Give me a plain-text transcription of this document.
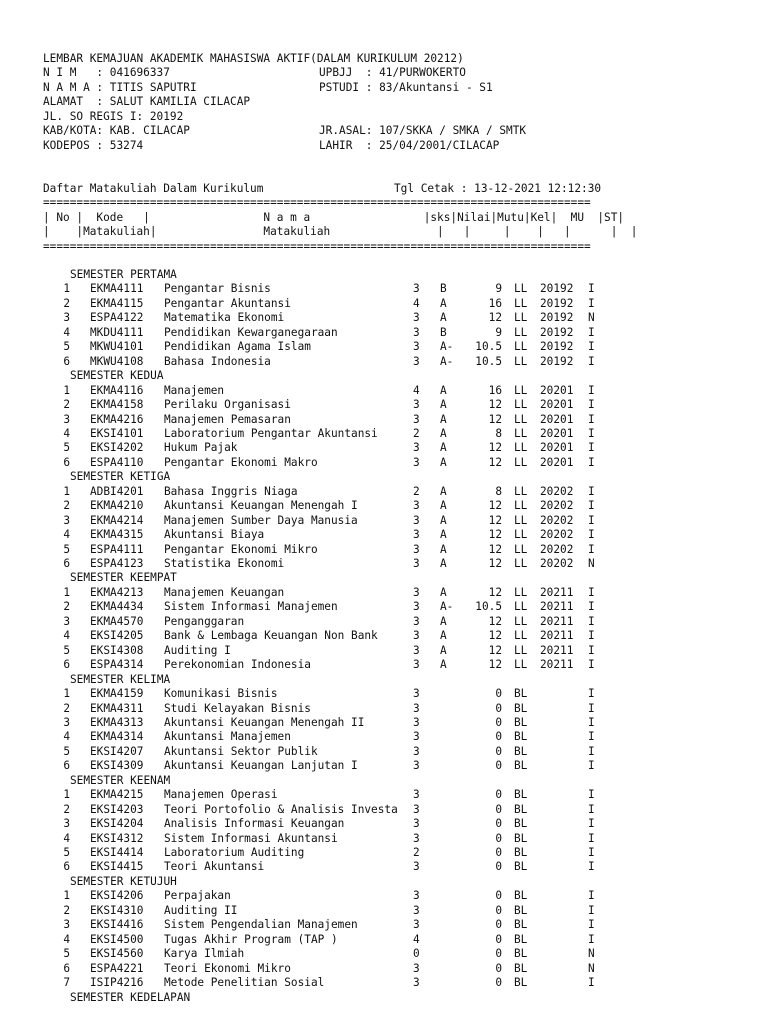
LEMBAR KEMAJUAN AKADEMIK MAHASISWA AKTIF(DALAM KURIKULUM 20212)
N I M   : 041696337	UPBJJ  : 41/PURWOKERTO
N A M A : TITIS SAPUTRI	PSTUDI : 83/Akuntansi - S1
ALAMAT  : SALUT KAMILIA CILACAP
JL. SO REGIS I: 20192
KAB/KOTA: KAB. CILACAP	JR.ASAL: 107/SKKA / SMKA / SMTK
KODEPOS : 53274	LAHIR  : 25/04/2001/CILACAP
Daftar Matakuliah Dalam Kurikulum	Tgl Cetak : 13-12-2021 12:12:30
==================================================================================
| No |  Kode   |                 N a m a                 |sks|Nilai|Mutu|Kel|  MU  |ST|
|    |Matakuliah|                Matakuliah                |   |     |    |   |      |  |
==================================================================================
SEMESTER PERTAMA
1 EKMA4111 Pengantar Bisnis	3 B	9 LL 20192 I
2 EKMA4115 Pengantar Akuntansi	4 A	16 LL 20192 I
3 ESPA4122 Matematika Ekonomi	3 A	12 LL 20192 N
4 MKDU4111 Pendidikan Kewarganegaraan	3 B	9 LL 20192 I
5 MKWU4101 Pendidikan Agama Islam	3 A-	10.5 LL 20192 I
6 MKWU4108 Bahasa Indonesia	3 A-	10.5 LL 20192 I
SEMESTER KEDUA
1 EKMA4116 Manajemen	4 A	16 LL 20201 I
2 EKMA4158 Perilaku Organisasi	3 A	12 LL 20201 I
3 EKMA4216 Manajemen Pemasaran	3 A	12 LL 20201 I
4 EKSI4101 Laboratorium Pengantar Akuntansi	2 A	8 LL 20201 I
5 EKSI4202 Hukum Pajak	3 A	12 LL 20201 I
6 ESPA4110 Pengantar Ekonomi Makro	3 A	12 LL 20201 I
SEMESTER KETIGA
1 ADBI4201 Bahasa Inggris Niaga	2 A	8 LL 20202 I
2 EKMA4210 Akuntansi Keuangan Menengah I	3 A	12 LL 20202 I
3 EKMA4214 Manajemen Sumber Daya Manusia	3 A	12 LL 20202 I
4 EKMA4315 Akuntansi Biaya	3 A	12 LL 20202 I
5 ESPA4111 Pengantar Ekonomi Mikro	3 A	12 LL 20202 I
6 ESPA4123 Statistika Ekonomi	3 A	12 LL 20202 N
SEMESTER KEEMPAT
1 EKMA4213 Manajemen Keuangan	3 A	12 LL 20211 I
2 EKMA4434 Sistem Informasi Manajemen	3 A-	10.5 LL 20211 I
3 EKMA4570 Penganggaran	3 A	12 LL 20211 I
4 EKSI4205 Bank & Lembaga Keuangan Non Bank	3 A	12 LL 20211 I
5 EKSI4308 Auditing I	3 A	12 LL 20211 I
6 ESPA4314 Perekonomian Indonesia	3 A	12 LL 20211 I
SEMESTER KELIMA
1 EKMA4159 Komunikasi Bisnis	3	0 BL	I
2 EKMA4311 Studi Kelayakan Bisnis	3	0 BL	I
3 EKMA4313 Akuntansi Keuangan Menengah II	3	0 BL	I
4 EKMA4314 Akuntansi Manajemen	3	0 BL	I
5 EKSI4207 Akuntansi Sektor Publik	3	0 BL	I
6 EKSI4309 Akuntansi Keuangan Lanjutan I	3	0 BL	I
SEMESTER KEENAM
1 EKMA4215 Manajemen Operasi	3	0 BL	I
2 EKSI4203 Teori Portofolio & Analisis Investa 3	0 BL	I
3 EKSI4204 Analisis Informasi Keuangan	3	0 BL	I
4 EKSI4312 Sistem Informasi Akuntansi	3	0 BL	I
5 EKSI4414 Laboratorium Auditing	2	0 BL	I
6 EKSI4415 Teori Akuntansi	3	0 BL	I
SEMESTER KETUJUH
1 EKSI4206 Perpajakan	3	0 BL	I
2 EKSI4310 Auditing II	3	0 BL	I
3 EKSI4416 Sistem Pengendalian Manajemen	3	0 BL	I
4 EKSI4500 Tugas Akhir Program (TAP )	4	0 BL	I
5 EKSI4560 Karya Ilmiah	0	0 BL	N
6 ESPA4221 Teori Ekonomi Mikro	3	0 BL	N
7 ISIP4216 Metode Penelitian Sosial	3	0 BL	I
SEMESTER KEDELAPAN
